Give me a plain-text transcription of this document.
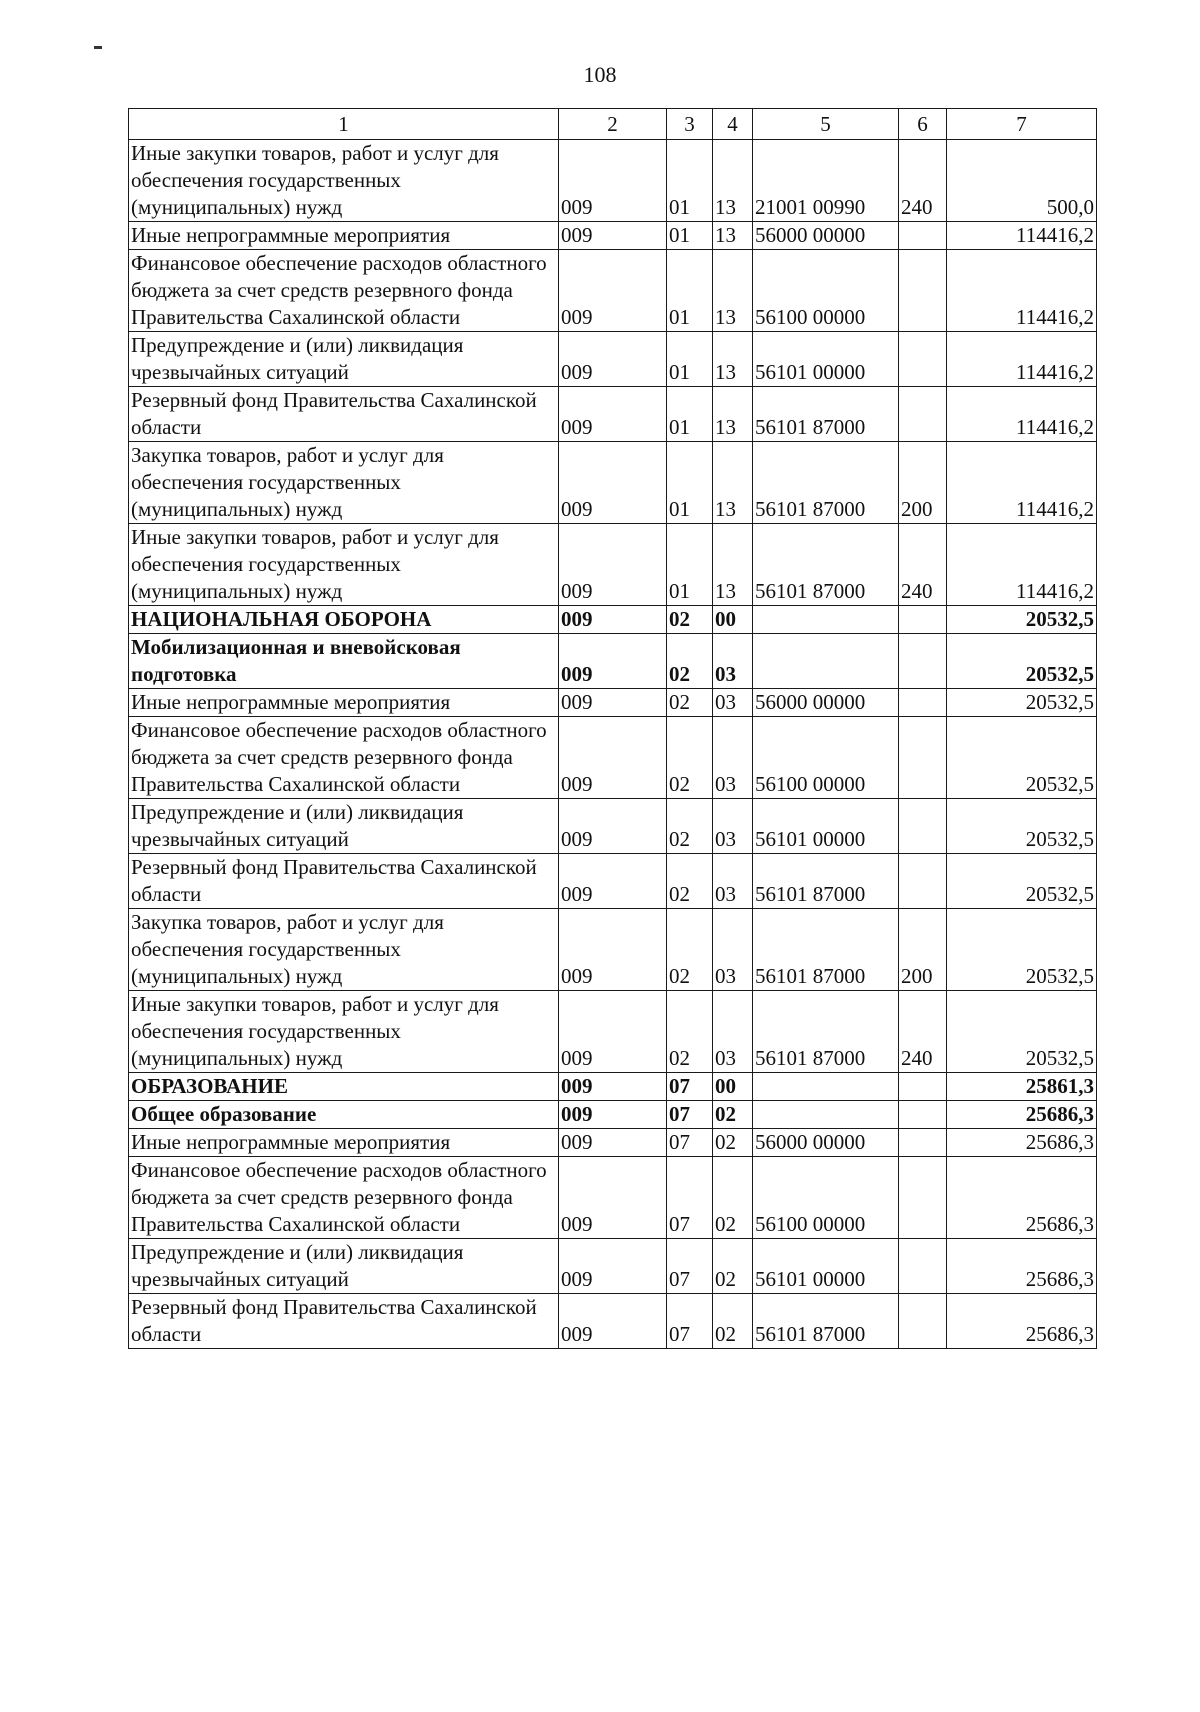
108
1	2	3	4	5	6	7
Иные закупки товаров, работ и услуг для обеспечения государственных (муниципальных) нужд	009	01	13	21001 00990	240	500,0
Иные непрограммные мероприятия	009	01	13	56000 00000		114416,2
Финансовое обеспечение расходов областного бюджета за счет средств резервного фонда Правительства Сахалинской области	009	01	13	56100 00000		114416,2
Предупреждение и (или) ликвидация чрезвычайных ситуаций	009	01	13	56101 00000		114416,2
Резервный фонд Правительства Сахалинской области	009	01	13	56101 87000		114416,2
Закупка товаров, работ и услуг для обеспечения государственных (муниципальных) нужд	009	01	13	56101 87000	200	114416,2
Иные закупки товаров, работ и услуг для обеспечения государственных (муниципальных) нужд	009	01	13	56101 87000	240	114416,2
НАЦИОНАЛЬНАЯ ОБОРОНА	009	02	00			20532,5
Мобилизационная и вневойсковая подготовка	009	02	03			20532,5
Иные непрограммные мероприятия	009	02	03	56000 00000		20532,5
Финансовое обеспечение расходов областного бюджета за счет средств резервного фонда Правительства Сахалинской области	009	02	03	56100 00000		20532,5
Предупреждение и (или) ликвидация чрезвычайных ситуаций	009	02	03	56101 00000		20532,5
Резервный фонд Правительства Сахалинской области	009	02	03	56101 87000		20532,5
Закупка товаров, работ и услуг для обеспечения государственных (муниципальных) нужд	009	02	03	56101 87000	200	20532,5
Иные закупки товаров, работ и услуг для обеспечения государственных (муниципальных) нужд	009	02	03	56101 87000	240	20532,5
ОБРАЗОВАНИЕ	009	07	00			25861,3
Общее образование	009	07	02			25686,3
Иные непрограммные мероприятия	009	07	02	56000 00000		25686,3
Финансовое обеспечение расходов областного бюджета за счет средств резервного фонда Правительства Сахалинской области	009	07	02	56100 00000		25686,3
Предупреждение и (или) ликвидация чрезвычайных ситуаций	009	07	02	56101 00000		25686,3
Резервный фонд Правительства Сахалинской области	009	07	02	56101 87000		25686,3
